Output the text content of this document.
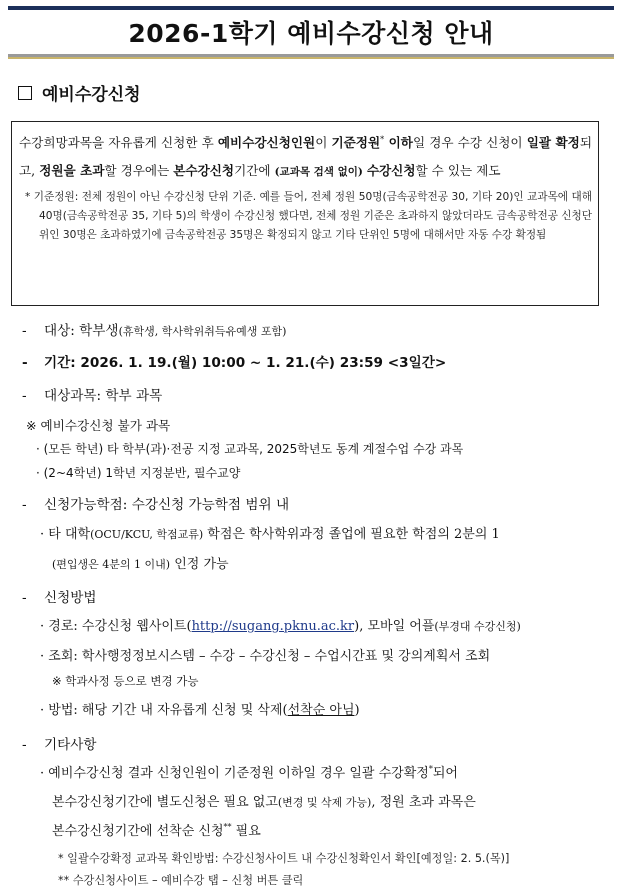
2026-1학기 예비수강신청 안내
예비수강신청

수강희망과목을 자유롭게 신청한 후 예비수강신청인원이 기준정원* 이하일 경우 수강 신청이 일괄 확정되고, 정원을 초과할 경우에는 본수강신청기간에 (교과목 검색 없이) 수강신청할 수 있는 제도

* 기준정원: 전체 정원이 아닌 수강신청 단위 기준. 예를 들어, 전체 정원 50명(금속공학전공 30, 기타 20)인 교과목에 대해 40명(금속공학전공 35, 기타 5)의 학생이 수강신청 했다면, 전체 정원 기준은 초과하지 않았더라도 금속공학전공 신청단위인 30명은 초과하였기에 금속공학전공 35명은 확정되지 않고 기타 단위인 5명에 대해서만 자동 수강 확정됨

- 대상: 학부생(휴학생, 학사학위취득유예생 포함)
- 기간: 2026. 1. 19.(월) 10:00 ~ 1. 21.(수) 23:59 <3일간>
- 대상과목: 학부 과목
※ 예비수강신청 불가 과목
· (모든 학년) 타 학부(과)·전공 지정 교과목, 2025학년도 동계 계절수업 수강 과목
· (2~4학년) 1학년 지정분반, 필수교양
- 신청가능학점: 수강신청 가능학점 범위 내
· 타 대학(OCU/KCU, 학점교류) 학점은 학사학위과정 졸업에 필요한 학점의 2분의 1
(편입생은 4분의 1 이내) 인정 가능
- 신청방법
· 경로: 수강신청 웹사이트(http://sugang.pknu.ac.kr), 모바일 어플(부경대 수강신청)
· 조회: 학사행정정보시스템 – 수강 – 수강신청 – 수업시간표 및 강의계획서 조회
※ 학과사정 등으로 변경 가능
· 방법: 해당 기간 내 자유롭게 신청 및 삭제(선착순 아님)
- 기타사항
· 예비수강신청 결과 신청인원이 기준정원 이하일 경우 일괄 수강확정*되어
본수강신청기간에 별도신청은 필요 없고(변경 및 삭제 가능), 정원 초과 과목은
본수강신청기간에 선착순 신청** 필요
* 일괄수강확정 교과목 확인방법: 수강신청사이트 내 수강신청확인서 확인[예정일: 2. 5.(목)]
** 수강신청사이트 – 예비수강 탭 – 신청 버튼 클릭
